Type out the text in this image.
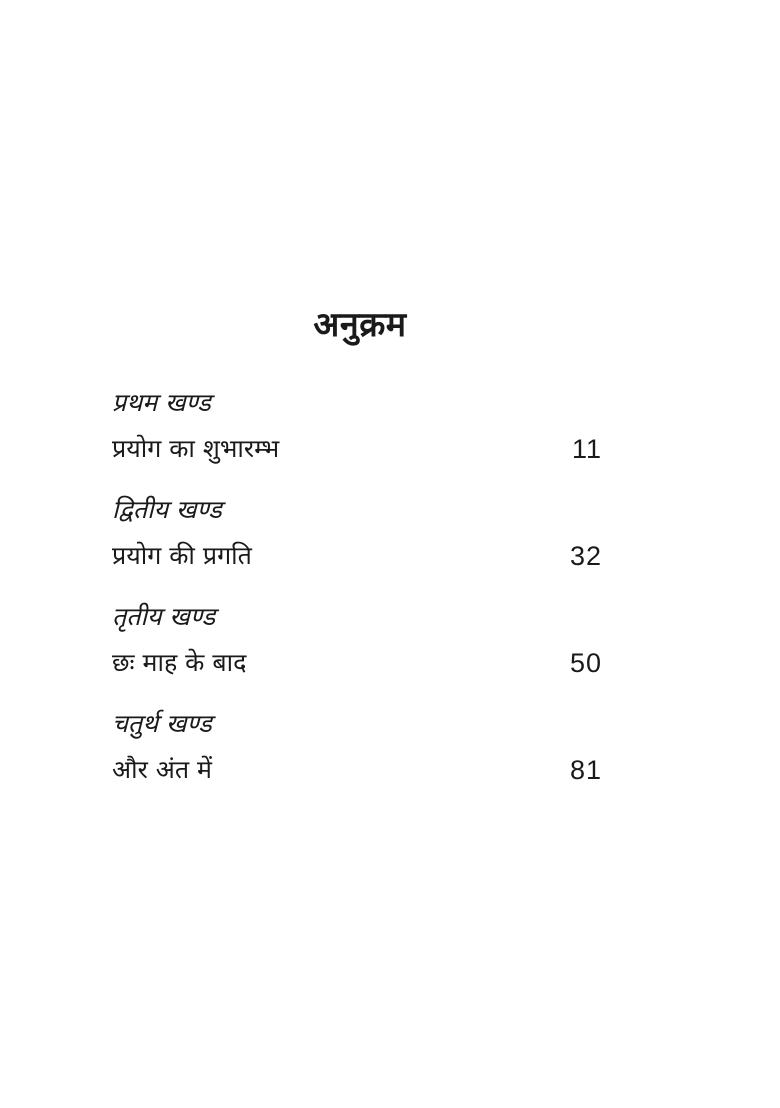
अनुक्रम
प्रथम खण्ड
प्रयोग का शुभारम्भ	11
द्वितीय खण्ड
प्रयोग की प्रगति	32
तृतीय खण्ड
छः माह के बाद	50
चतुर्थ खण्ड
और अंत में	81
